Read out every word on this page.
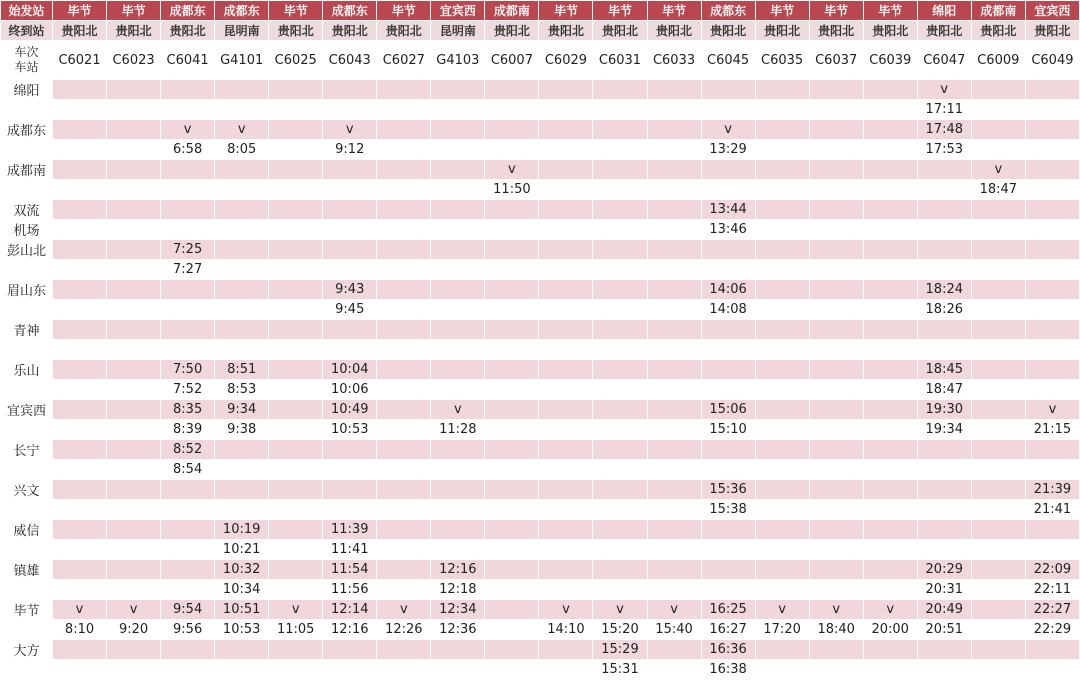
始发站	毕节	毕节	成都东	成都东	毕节	成都东	毕节	宜宾西	成都南	毕节	毕节	毕节	成都东	毕节	毕节	毕节	绵阳	成都南	宜宾西
终到站	贵阳北	贵阳北	贵阳北	昆明南	贵阳北	贵阳北	贵阳北	昆明南	贵阳北	贵阳北	贵阳北	贵阳北	贵阳北	贵阳北	贵阳北	贵阳北	贵阳北	贵阳北	贵阳北

车次
车站	C6021	C6023	C6041	G4101	C6025	C6043	C6027	G4103	C6007	C6029	C6031	C6033	C6045	C6035	C6037	C6039	C6047	C6009	C6049
绵阳																	v		
																	17:11		
成都东			v	v		v							v				17:48		
			6:58	8:05		9:12							13:29				17:53		
成都南									v									v	
									11:50									18:47	
双流													13:44						
机场													13:46						
彭山北			7:25																
			7:27																
眉山东						9:43							14:06				18:24		
						9:45							14:08				18:26		
青神																			

乐山			7:50	8:51		10:04											18:45		
			7:52	8:53		10:06											18:47		
宜宾西			8:35	9:34		10:49		v					15:06				19:30		v
			8:39	9:38		10:53		11:28					15:10				19:34		21:15
长宁			8:52																
			8:54																
兴文													15:36						21:39
													15:38						21:41
威信				10:19		11:39													
				10:21		11:41													
镇雄				10:32		11:54		12:16									20:29		22:09
				10:34		11:56		12:18									20:31		22:11
毕节	v	v	9:54	10:51	v	12:14	v	12:34		v	v	v	16:25	v	v	v	20:49		22:27
	8:10	9:20	9:56	10:53	11:05	12:16	12:26	12:36		14:10	15:20	15:40	16:27	17:20	18:40	20:00	20:51		22:29
大方											15:29		16:36						
											15:31		16:38						
